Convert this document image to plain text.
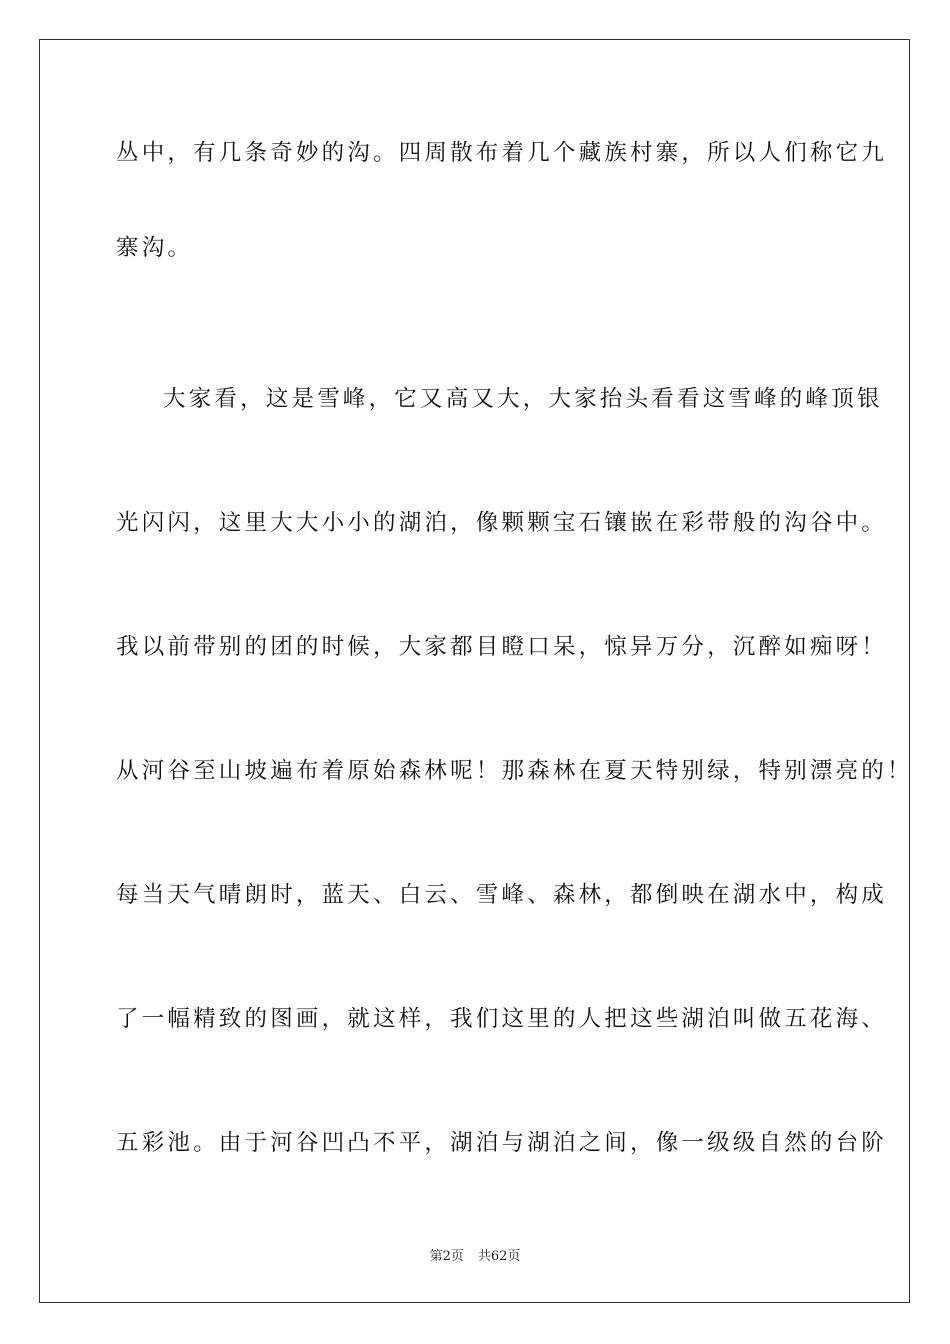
丛中，有几条奇妙的沟。四周散布着几个藏族村寨，所以人们称它九
寨沟。
大家看，这是雪峰，它又高又大，大家抬头看看这雪峰的峰顶银
光闪闪，这里大大小小的湖泊，像颗颗宝石镶嵌在彩带般的沟谷中。
我以前带别的团的时候，大家都目瞪口呆，惊异万分，沉醉如痴呀！
从河谷至山坡遍布着原始森林呢！那森林在夏天特别绿，特别漂亮的！
每当天气晴朗时，蓝天、白云、雪峰、森林，都倒映在湖水中，构成
了一幅精致的图画，就这样，我们这里的人把这些湖泊叫做五花海、
五彩池。由于河谷凹凸不平，湖泊与湖泊之间，像一级级自然的台阶
第2页 共62页
